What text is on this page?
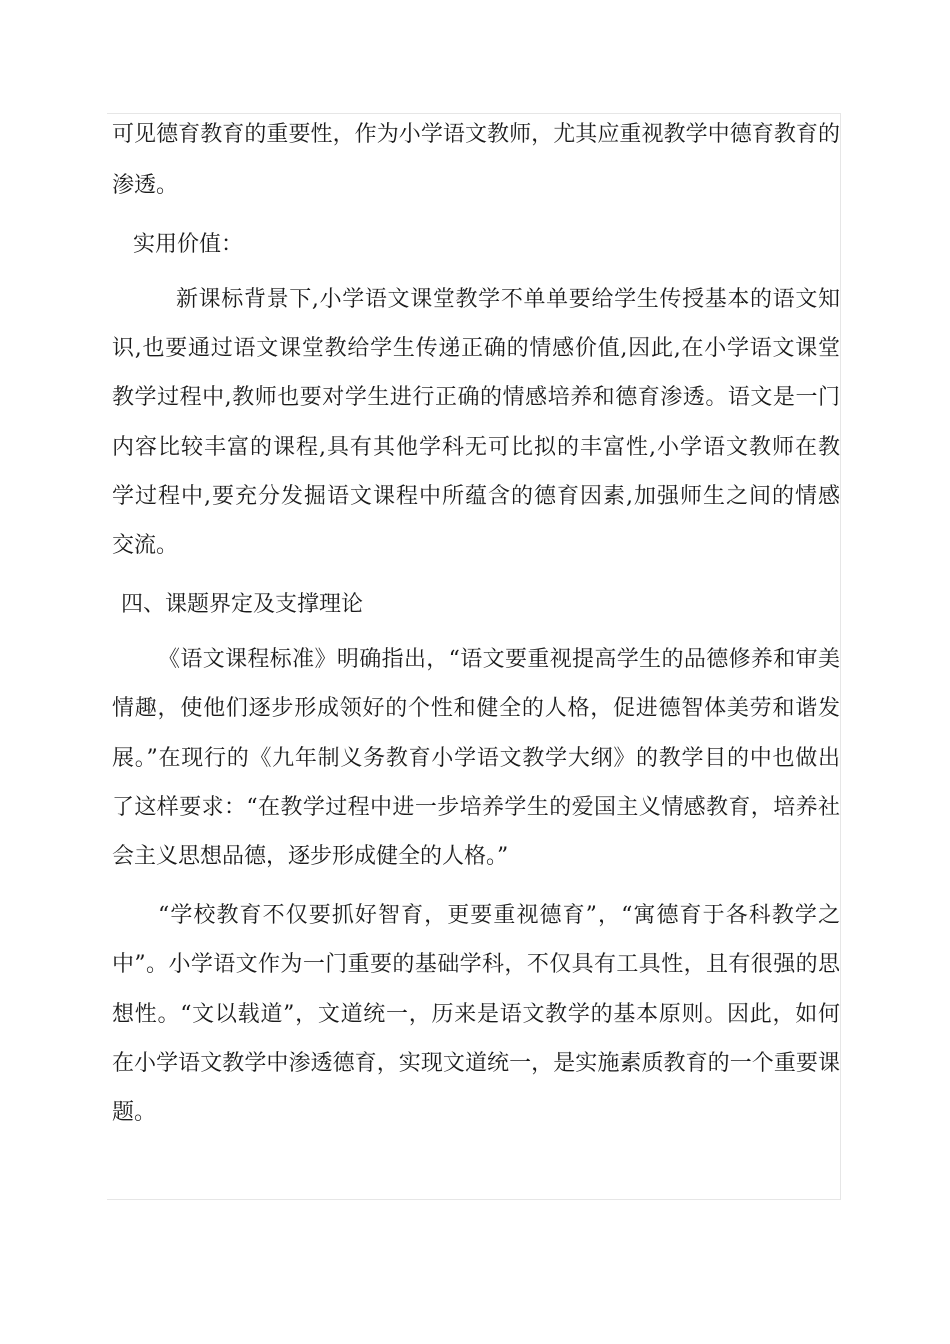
可见德育教育的重要性，作为小学语文教师，尤其应重视教学中德育教育的

渗透。

实用价值：

新课标背景下,小学语文课堂教学不单单要给学生传授基本的语文知

识,也要通过语文课堂教给学生传递正确的情感价值,因此,在小学语文课堂

教学过程中,教师也要对学生进行正确的情感培养和德育渗透。语文是一门

内容比较丰富的课程,具有其他学科无可比拟的丰富性,小学语文教师在教

学过程中,要充分发掘语文课程中所蕴含的德育因素,加强师生之间的情感

交流。

四、课题界定及支撑理论

《语文课程标准》明确指出，“语文要重视提高学生的品德修养和审美

情趣，使他们逐步形成领好的个性和健全的人格，促进德智体美劳和谐发

展。”在现行的《九年制义务教育小学语文教学大纲》的教学目的中也做出

了这样要求：“在教学过程中进一步培养学生的爱国主义情感教育，培养社

会主义思想品德，逐步形成健全的人格。”

“学校教育不仅要抓好智育，更要重视德育”，“寓德育于各科教学之

中”。小学语文作为一门重要的基础学科，不仅具有工具性，且有很强的思

想性。“文以载道”，文道统一，历来是语文教学的基本原则。因此，如何

在小学语文教学中渗透德育，实现文道统一，是实施素质教育的一个重要课

题。
